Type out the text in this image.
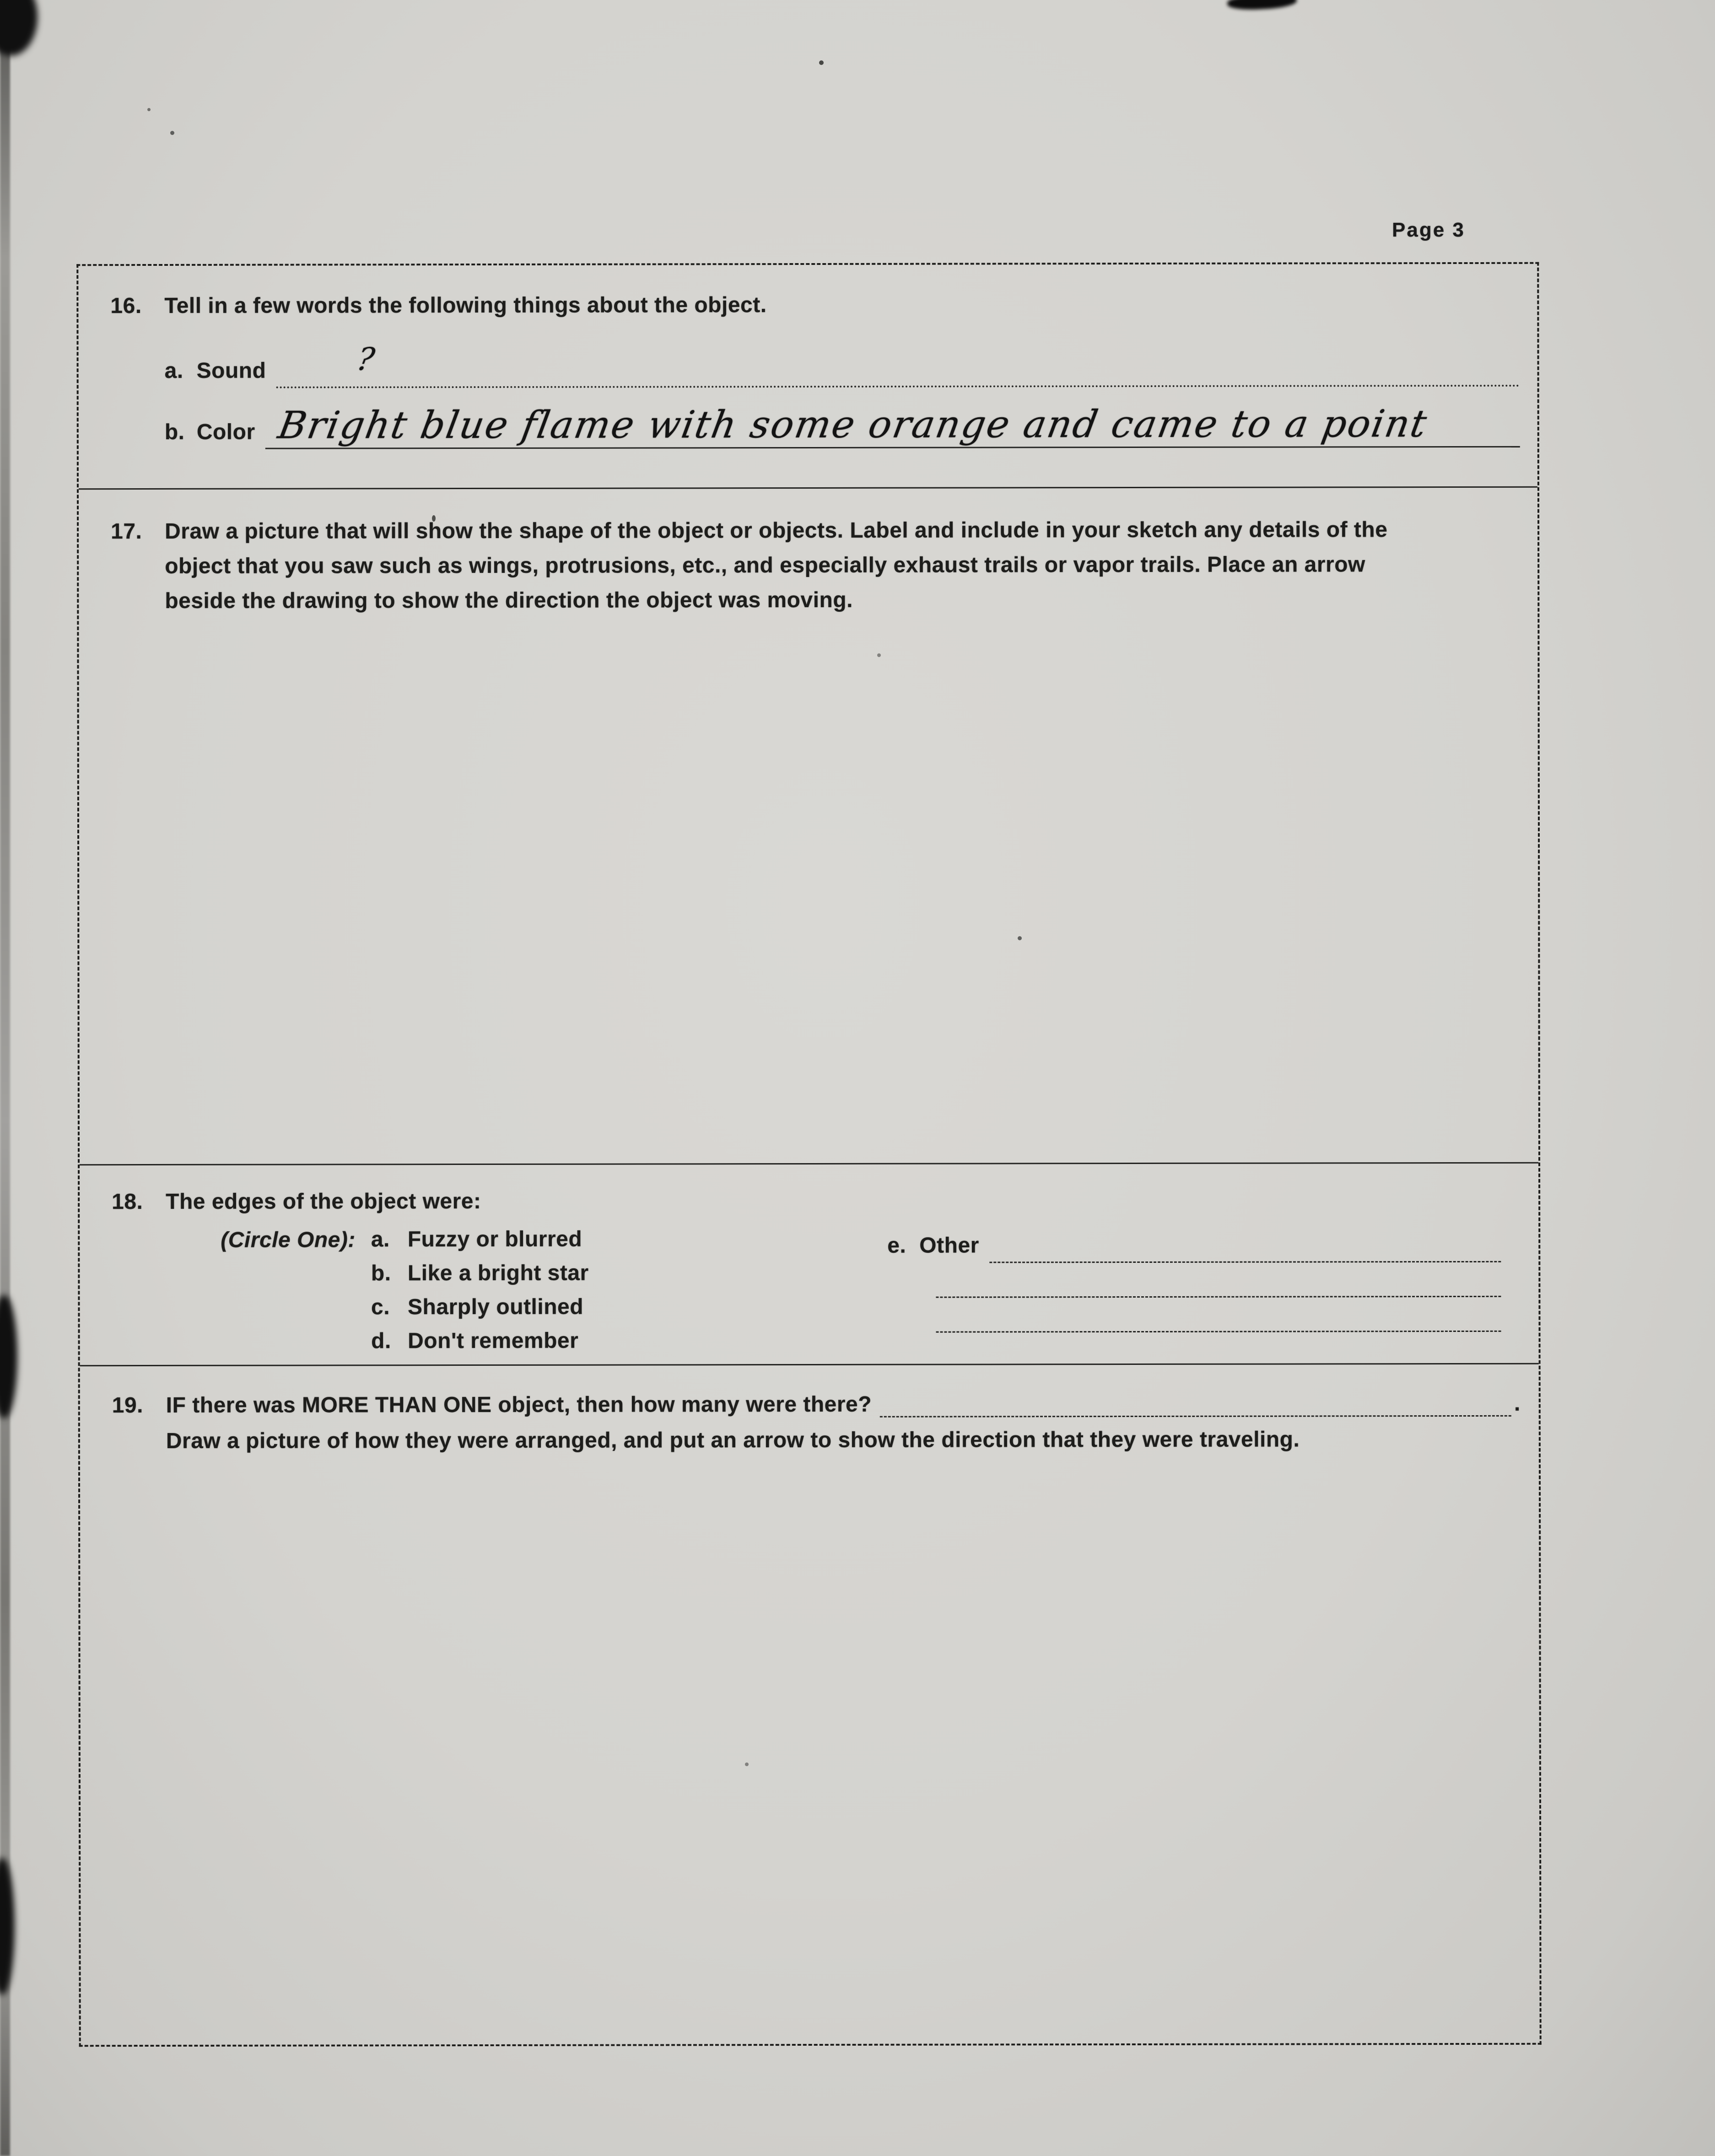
Page 3
16.	Tell in a few words the following things about the object.
a. Sound	?
b. Color Bright blue flame with some orange and came to a point
17.	Draw a picture that will show the shape of the object or objects. Label and include in your sketch any details of the object that you saw such as wings, protrusions, etc., and especially exhaust trails or vapor trails. Place an arrow beside the drawing to show the direction the object was moving.
18.	The edges of the object were:
(Circle One): a. Fuzzy or blurred
b. Like a bright star
c. Sharply outlined
d. Don't remember
e. Other
19.	IF there was MORE THAN ONE object, then how many were there?	.
Draw a picture of how they were arranged, and put an arrow to show the direction that they were traveling.
